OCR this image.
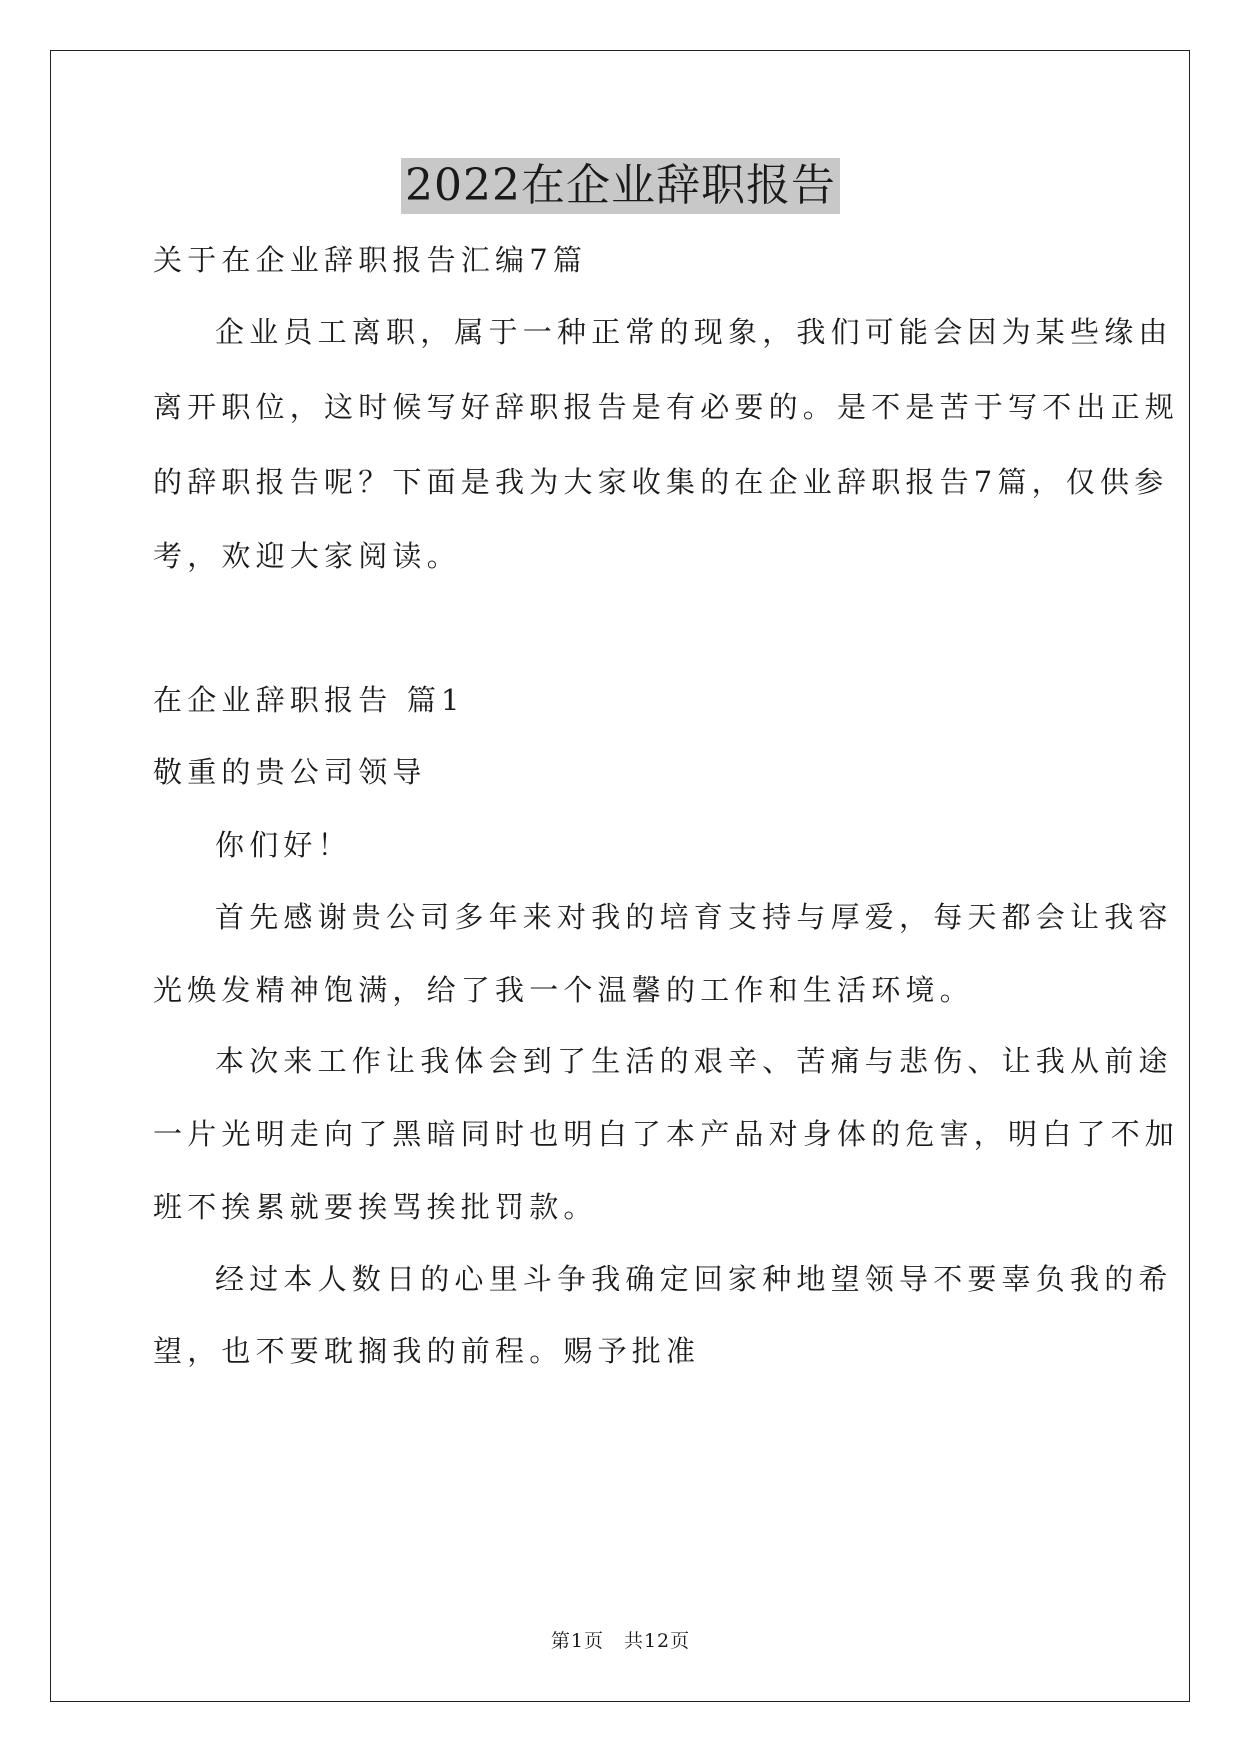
2022在企业辞职报告
关于在企业辞职报告汇编7篇
企业员工离职，属于一种正常的现象，我们可能会因为某些缘由
离开职位，这时候写好辞职报告是有必要的。是不是苦于写不出正规
的辞职报告呢？下面是我为大家收集的在企业辞职报告7篇，仅供参
考，欢迎大家阅读。
在企业辞职报告 篇1
敬重的贵公司领导
你们好！
首先感谢贵公司多年来对我的培育支持与厚爱，每天都会让我容
光焕发精神饱满，给了我一个温馨的工作和生活环境。
本次来工作让我体会到了生活的艰辛、苦痛与悲伤、让我从前途
一片光明走向了黑暗同时也明白了本产品对身体的危害，明白了不加
班不挨累就要挨骂挨批罚款。
经过本人数日的心里斗争我确定回家种地望领导不要辜负我的希
望，也不要耽搁我的前程。赐予批准
第1页 共12页
